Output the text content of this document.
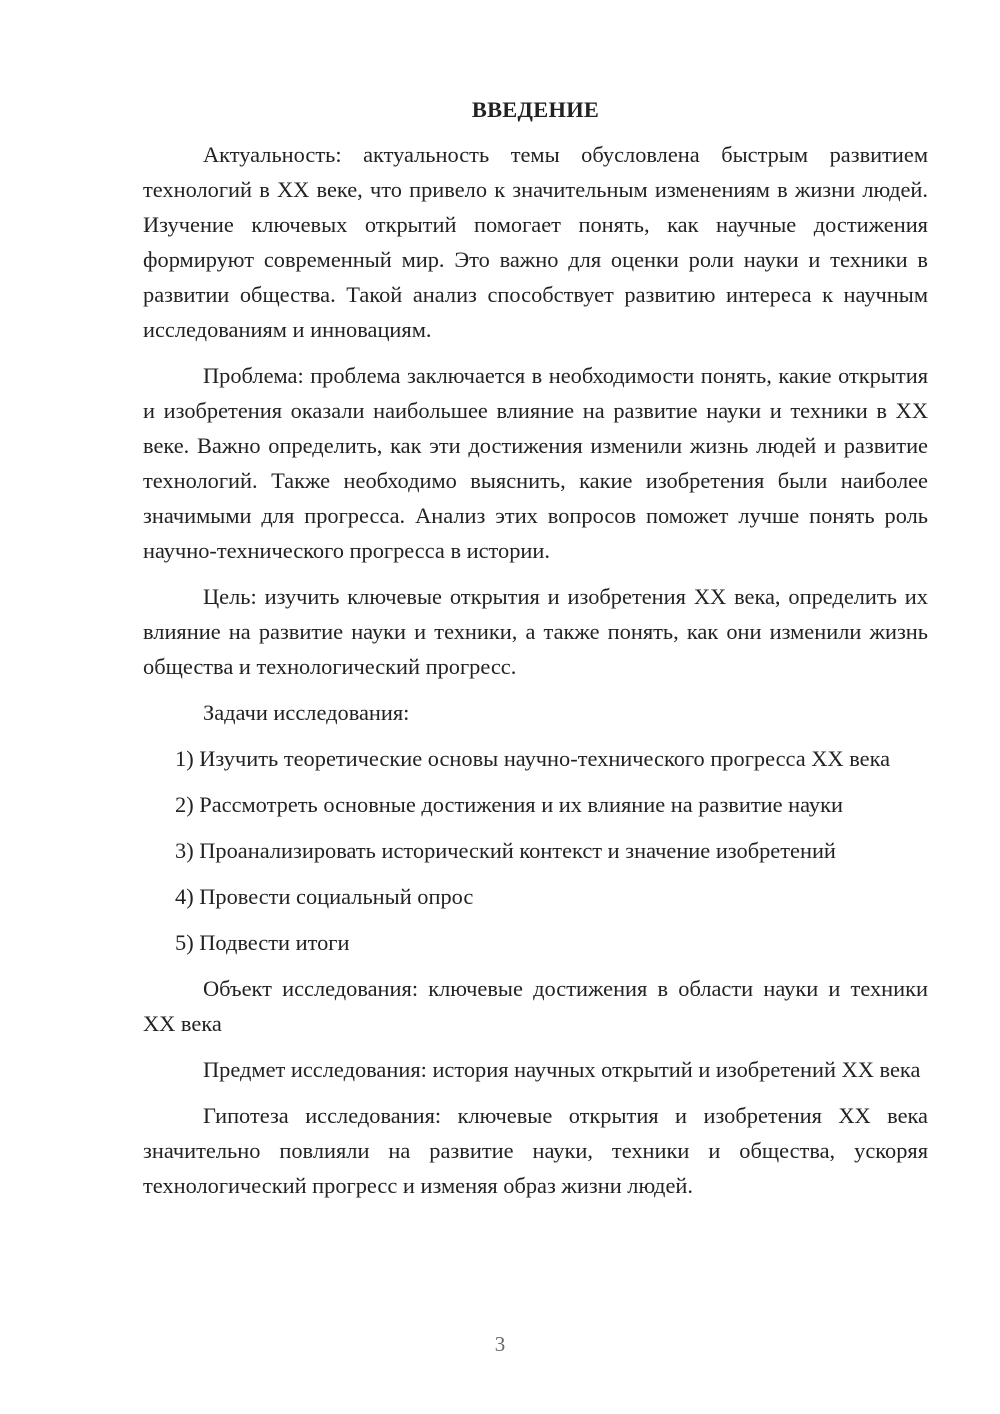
ВВЕДЕНИЕ

Актуальность: актуальность темы обусловлена быстрым развитием технологий в XX веке, что привело к значительным изменениям в жизни людей. Изучение ключевых открытий помогает понять, как научные достижения формируют современный мир. Это важно для оценки роли науки и техники в развитии общества. Такой анализ способствует развитию интереса к научным исследованиям и инновациям.

Проблема: проблема заключается в необходимости понять, какие открытия и изобретения оказали наибольшее влияние на развитие науки и техники в XX веке. Важно определить, как эти достижения изменили жизнь людей и развитие технологий. Также необходимо выяснить, какие изобретения были наиболее значимыми для прогресса. Анализ этих вопросов поможет лучше понять роль научно-технического прогресса в истории.

Цель: изучить ключевые открытия и изобретения XX века, определить их влияние на развитие науки и техники, а также понять, как они изменили жизнь общества и технологический прогресс.

Задачи исследования:

1) Изучить теоретические основы научно-технического прогресса XX века

2) Рассмотреть основные достижения и их влияние на развитие науки

3) Проанализировать исторический контекст и значение изобретений

4) Провести социальный опрос

5) Подвести итоги

Объект исследования: ключевые достижения в области науки и техники XX века

Предмет исследования: история научных открытий и изобретений XX века

Гипотеза исследования: ключевые открытия и изобретения XX века значительно повлияли на развитие науки, техники и общества, ускоряя технологический прогресс и изменяя образ жизни людей.

3
